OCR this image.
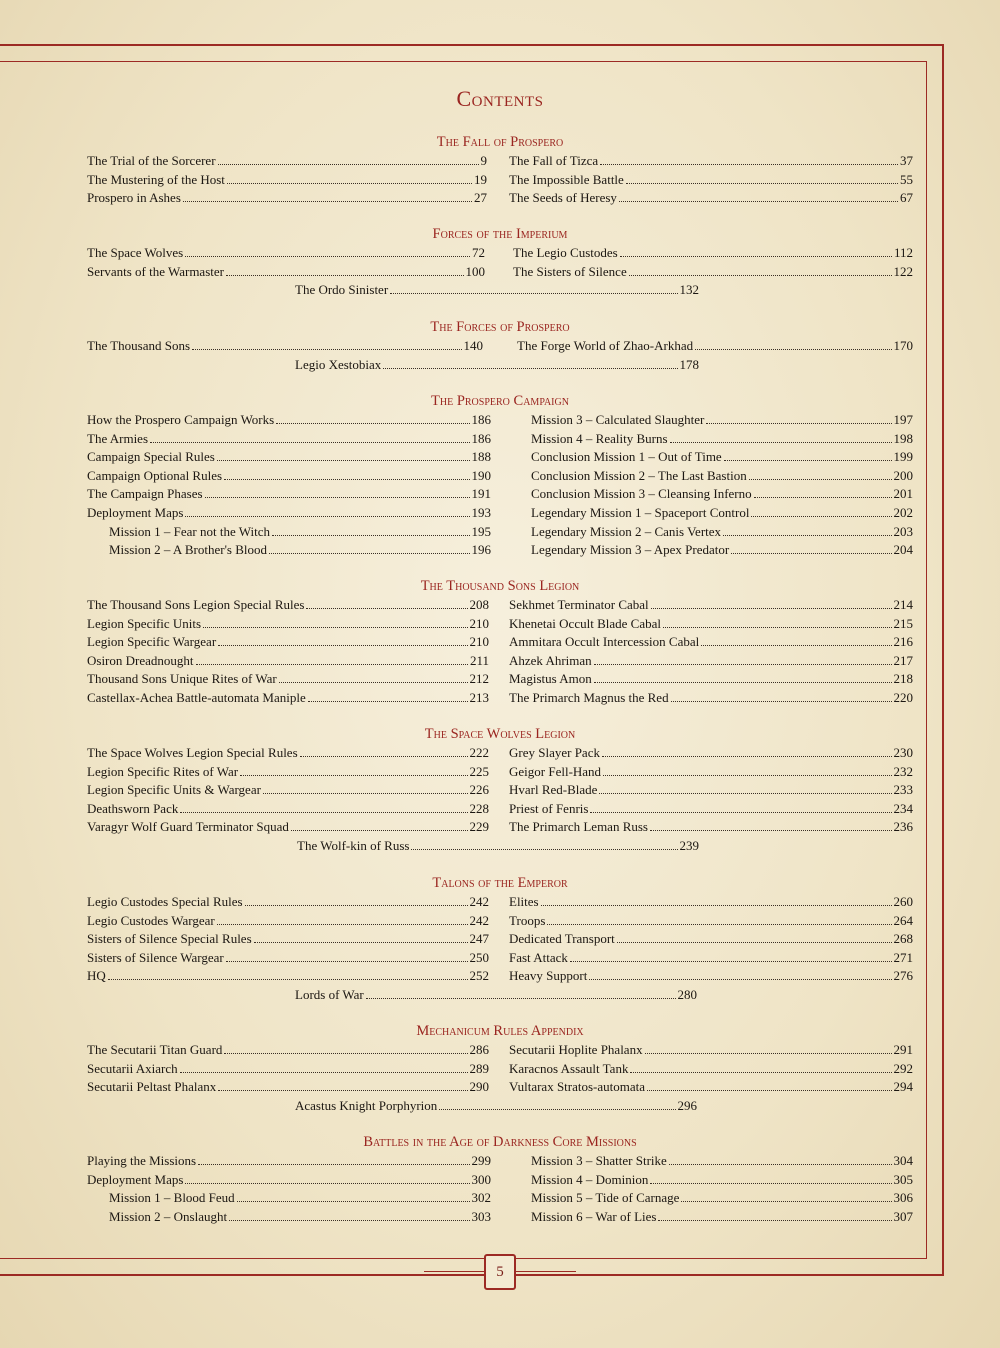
Contents
The Fall of Prospero
The Trial of the Sorcerer	9
The Mustering of the Host	19
Prospero in Ashes	27
The Fall of Tizca	37
The Impossible Battle	55
The Seeds of Heresy	67
Forces of the Imperium
The Space Wolves	72
Servants of the Warmaster	100
The Legio Custodes	112
The Sisters of Silence	122
The Ordo Sinister	132
The Forces of Prospero
The Thousand Sons	140	The Forge World of Zhao-Arkhad	170
Legio Xestobiax	178
The Prospero Campaign
How the Prospero Campaign Works	186
The Armies	186
Campaign Special Rules	188
Campaign Optional Rules	190
The Campaign Phases	191
Deployment Maps	193
Mission 1 – Fear not the Witch	195
Mission 2 – A Brother's Blood	196
Mission 3 – Calculated Slaughter	197
Mission 4 – Reality Burns	198
Conclusion Mission 1 – Out of Time	199
Conclusion Mission 2 – The Last Bastion	200
Conclusion Mission 3 – Cleansing Inferno	201
Legendary Mission 1 – Spaceport Control	202
Legendary Mission 2 – Canis Vertex	203
Legendary Mission 3 – Apex Predator	204
The Thousand Sons Legion
The Thousand Sons Legion Special Rules	208
Legion Specific Units	210
Legion Specific Wargear	210
Osiron Dreadnought	211
Thousand Sons Unique Rites of War	212
Castellax-Achea Battle-automata Maniple	213
Sekhmet Terminator Cabal	214
Khenetai Occult Blade Cabal	215
Ammitara Occult Intercession Cabal	216
Ahzek Ahriman	217
Magistus Amon	218
The Primarch Magnus the Red	220
The Space Wolves Legion
The Space Wolves Legion Special Rules	222
Legion Specific Rites of War	225
Legion Specific Units & Wargear	226
Deathsworn Pack	228
Varagyr Wolf Guard Terminator Squad	229
Grey Slayer Pack	230
Geigor Fell-Hand	232
Hvarl Red-Blade	233
Priest of Fenris	234
The Primarch Leman Russ	236
The Wolf-kin of Russ	239
Talons of the Emperor
Legio Custodes Special Rules	242
Legio Custodes Wargear	242
Sisters of Silence Special Rules	247
Sisters of Silence Wargear	250
HQ	252
Elites	260
Troops	264
Dedicated Transport	268
Fast Attack	271
Heavy Support	276
Lords of War	280
Mechanicum Rules Appendix
The Secutarii Titan Guard	286
Secutarii Axiarch	289
Secutarii Peltast Phalanx	290
Secutarii Hoplite Phalanx	291
Karacnos Assault Tank	292
Vultarax Stratos-automata	294
Acastus Knight Porphyrion	296
Battles in the Age of Darkness Core Missions
Playing the Missions	299
Deployment Maps	300
Mission 1 – Blood Feud	302
Mission 2 – Onslaught	303
Mission 3 – Shatter Strike	304
Mission 4 – Dominion	305
Mission 5 – Tide of Carnage	306
Mission 6 – War of Lies	307
5
